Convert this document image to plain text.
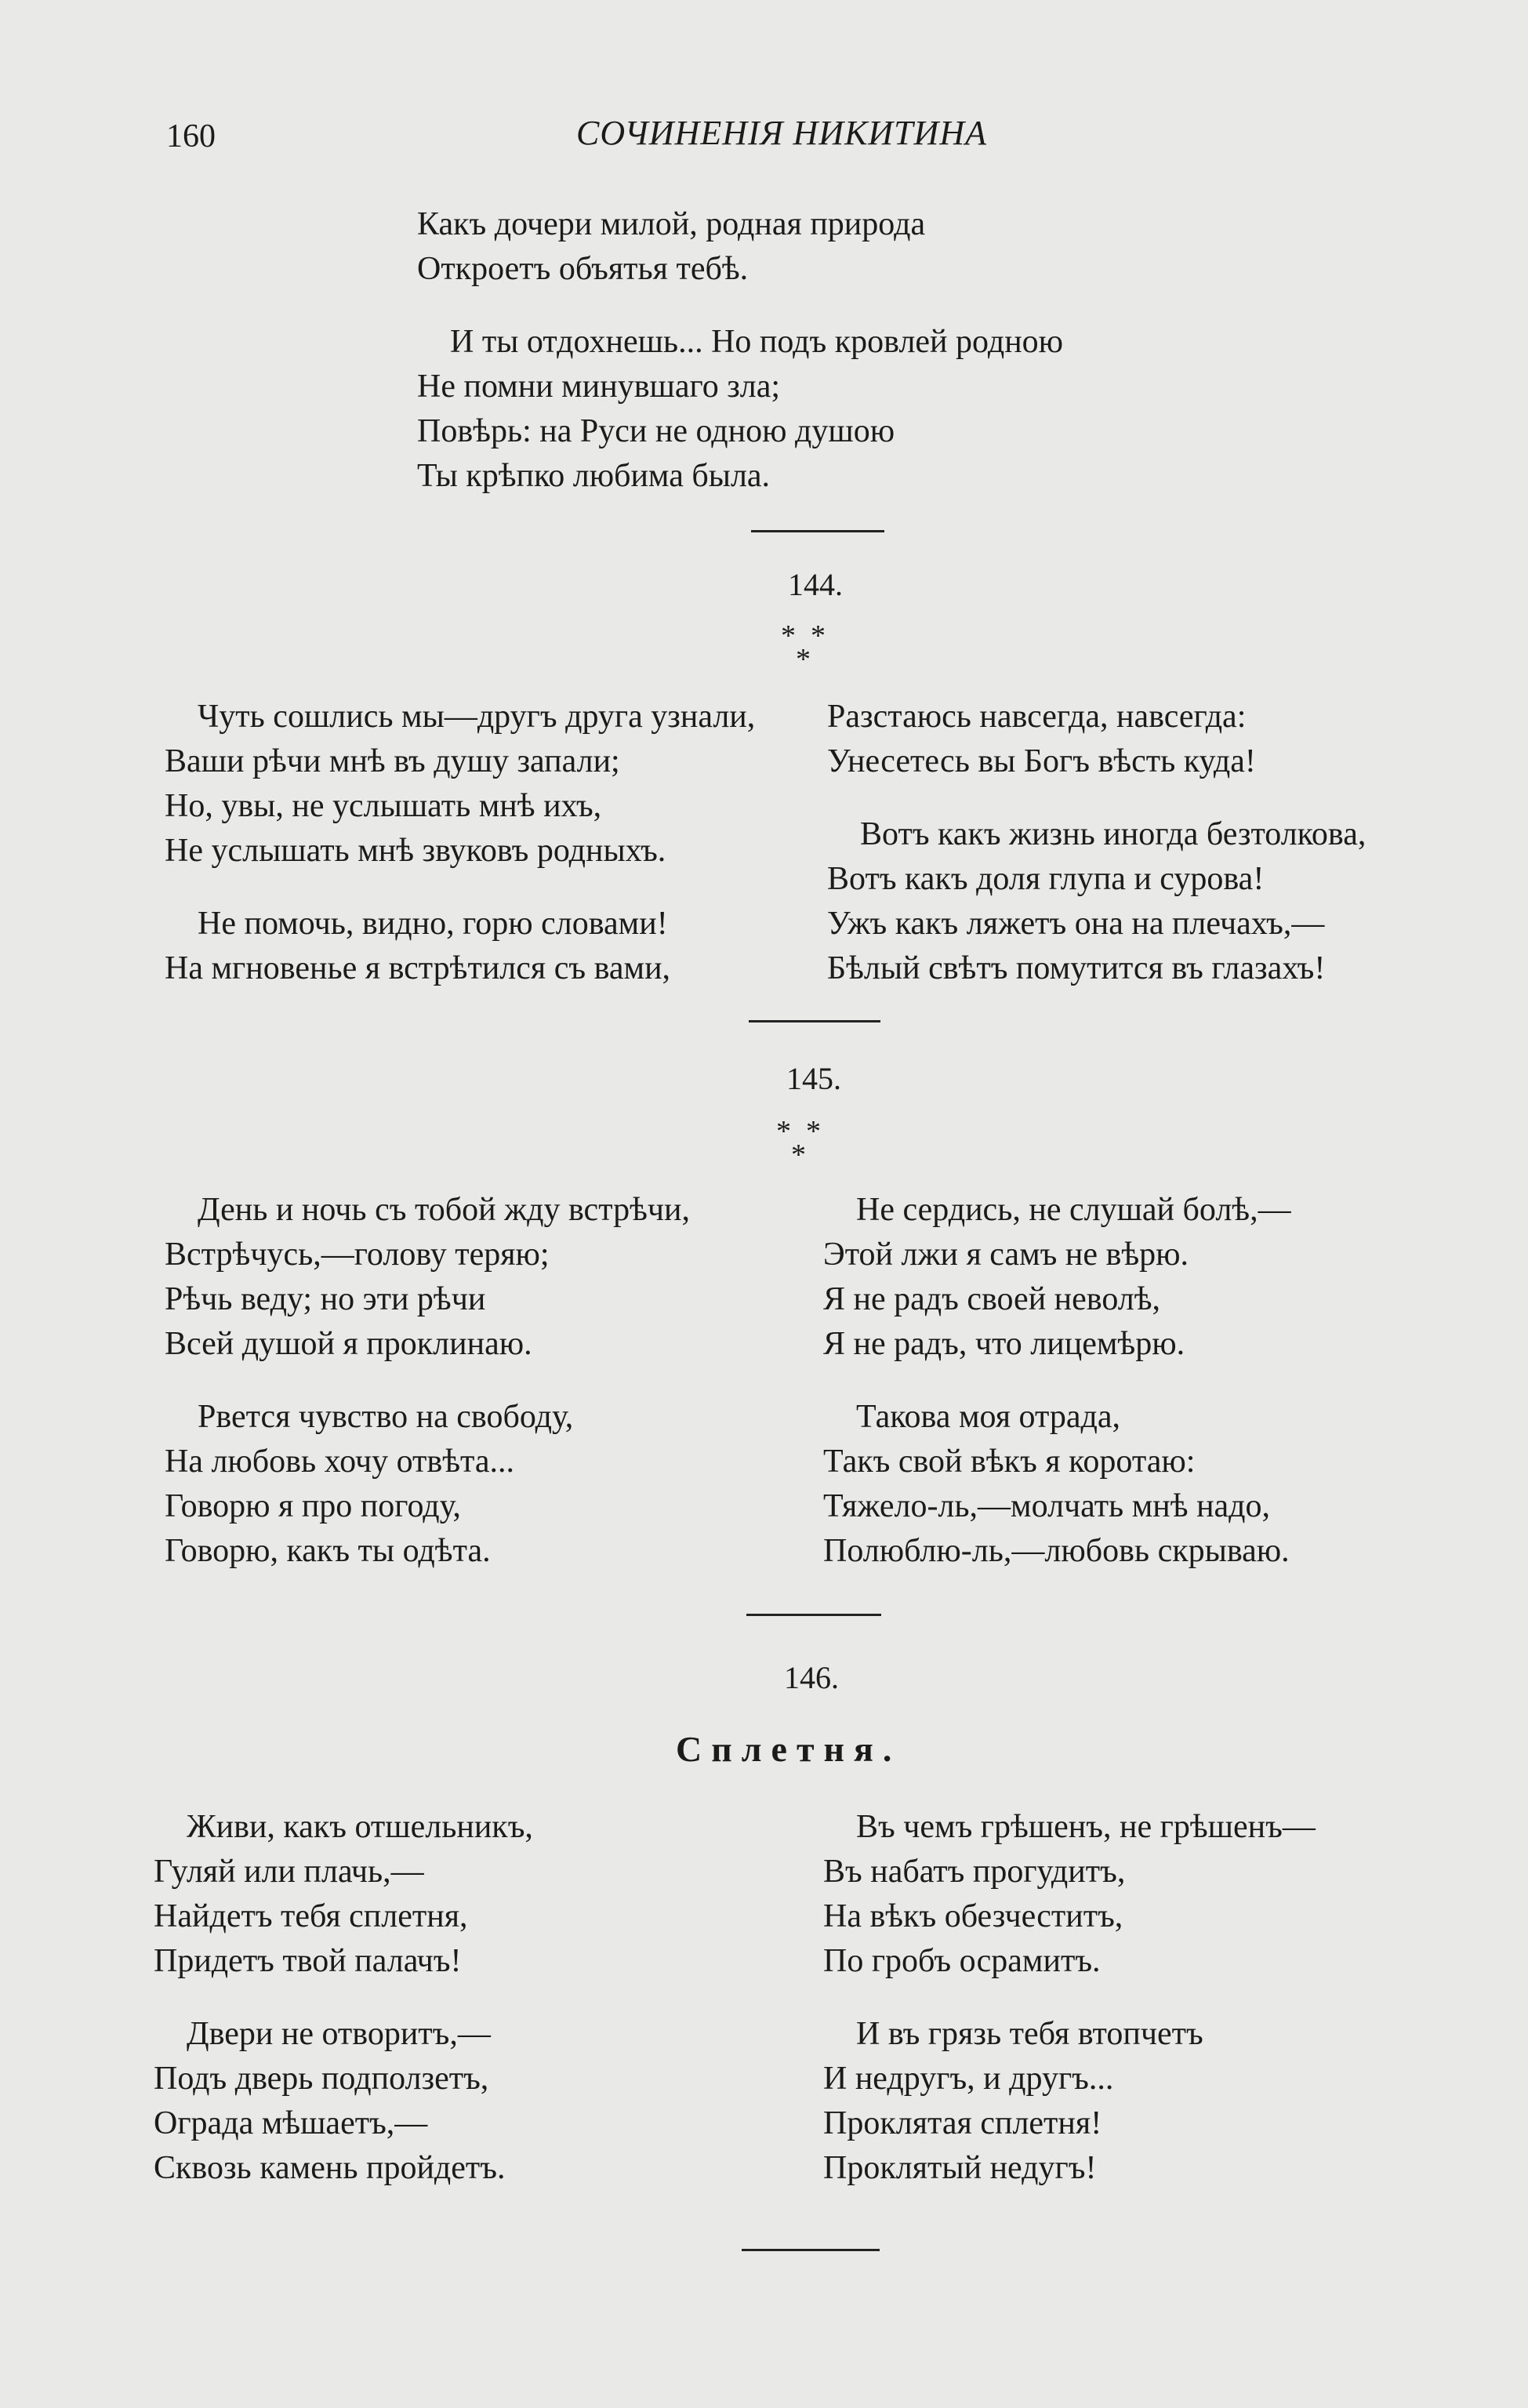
160	СОЧИНЕНІЯ НИКИТИНА
Какъ дочери милой, родная природа
Откроетъ объятья тебѣ.
И ты отдохнешь... Но подъ кровлей родною
Не помни минувшаго зла;
Повѣрь: на Руси не одною душою
Ты крѣпко любима была.
144.
*  *
*
Чуть сошлись мы—другъ друга узнали,
Ваши рѣчи мнѣ въ душу запали;
Но, увы, не услышать мнѣ ихъ,
Не услышать мнѣ звуковъ родныхъ.
Не помочь, видно, горю словами!
На мгновенье я встрѣтился съ вами,
Разстаюсь навсегда, навсегда:
Унесетесь вы Богъ вѣсть куда!
Вотъ какъ жизнь иногда безтолкова,
Вотъ какъ доля глупа и сурова!
Ужъ какъ ляжетъ она на плечахъ,—
Бѣлый свѣтъ помутится въ глазахъ!
145.
*  *
*
День и ночь съ тобой жду встрѣчи,
Встрѣчусь,—голову теряю;
Рѣчь веду; но эти рѣчи
Всей душой я проклинаю.
Рвется чувство на свободу,
На любовь хочу отвѣта...
Говорю я про погоду,
Говорю, какъ ты одѣта.
Не сердись, не слушай болѣ,—
Этой лжи я самъ не вѣрю.
Я не радъ своей неволѣ,
Я не радъ, что лицемѣрю.
Такова моя отрада,
Такъ свой вѣкъ я коротаю:
Тяжело-ль,—молчать мнѣ надо,
Полюблю-ль,—любовь скрываю.
146.
Сплетня.
Живи, какъ отшельникъ,
Гуляй или плачь,—
Найдетъ тебя сплетня,
Придетъ твой палачъ!
Двери не отворитъ,—
Подъ дверь подползетъ,
Ограда мѣшаетъ,—
Сквозь камень пройдетъ.
Въ чемъ грѣшенъ, не грѣшенъ—
Въ набатъ прогудитъ,
На вѣкъ обезчеститъ,
По гробъ осрамитъ.
И въ грязь тебя втопчетъ
И недругъ, и другъ...
Проклятая сплетня!
Проклятый недугъ!
